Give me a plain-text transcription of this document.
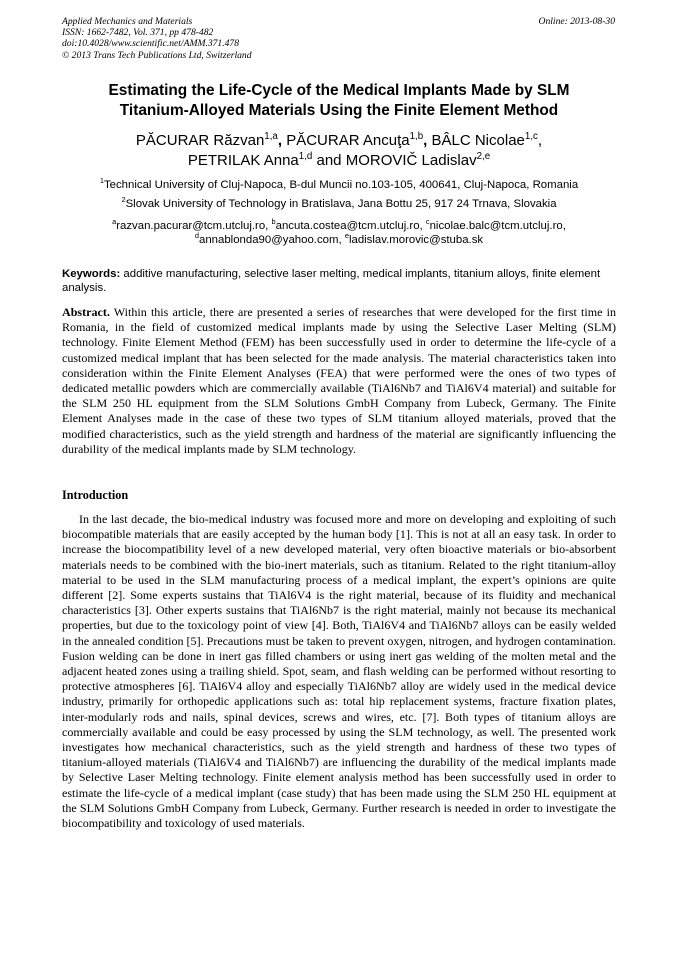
Applied Mechanics and Materials
ISSN: 1662-7482, Vol. 371, pp 478-482
doi:10.4028/www.scientific.net/AMM.371.478
© 2013 Trans Tech Publications Ltd, Switzerland
Online: 2013-08-30
Estimating the Life-Cycle of the Medical Implants Made by SLM
Titanium-Alloyed Materials Using the Finite Element Method
PĂCURAR Răzvan$^{1,a}$, PĂCURAR Ancuţa$^{1,b}$, BÂLC Nicolae$^{1,c}$,
PETRILAK Anna$^{1,d}$ and MOROVIČ Ladislav$^{2,e}$
$^1$Technical University of Cluj-Napoca, B-dul Muncii no.103-105, 400641, Cluj-Napoca, Romania
$^2$Slovak University of Technology in Bratislava, Jana Bottu 25, 917 24 Trnava, Slovakia
$^a$razvan.pacurar@tcm.utcluj.ro, $^b$ancuta.costea@tcm.utcluj.ro, $^c$nicolae.balc@tcm.utcluj.ro,
$^d$annablonda90@yahoo.com, $^e$ladislav.morovic@stuba.sk
Keywords: additive manufacturing, selective laser melting, medical implants, titanium alloys, finite element analysis.
Abstract. Within this article, there are presented a series of researches that were developed for the first time in Romania, in the field of customized medical implants made by using the Selective Laser Melting (SLM) technology. Finite Element Method (FEM) has been successfully used in order to determine the life-cycle of a customized medical implant that has been selected for the made analysis. The material characteristics taken into consideration within the Finite Element Analyses (FEA) that were performed were the ones of two types of dedicated metallic powders which are commercially available (TiAl6Nb7 and TiAl6V4 material) and suitable for the SLM 250 HL equipment from the SLM Solutions GmbH Company from Lubeck, Germany. The Finite Element Analyses made in the case of these two types of SLM titanium alloyed materials, proved that the modified characteristics, such as the yield strength and hardness of the material are significantly influencing the durability of the medical implants made by SLM technology.
Introduction
In the last decade, the bio-medical industry was focused more and more on developing and exploiting of such biocompatible materials that are easily accepted by the human body [1]. This is not at all an easy task. In order to increase the biocompatibility level of a new developed material, very often bioactive materials or bio-absorbent materials needs to be combined with the bio-inert materials, such as titanium. Related to the right titanium-alloy material to be used in the SLM manufacturing process of a medical implant, the expert’s opinions are quite different [2]. Some experts sustains that TiAl6V4 is the right material, because of its fluidity and mechanical characteristics [3]. Other experts sustains that TiAl6Nb7 is the right material, mainly not because its mechanical properties, but due to the toxicology point of view [4]. Both, TiAl6V4 and TiAl6Nb7 alloys can be easily welded in the annealed condition [5]. Precautions must be taken to prevent oxygen, nitrogen, and hydrogen contamination. Fusion welding can be done in inert gas filled chambers or using inert gas welding of the molten metal and the adjacent heated zones using a trailing shield. Spot, seam, and flash welding can be performed without resorting to protective atmospheres [6]. TiAl6V4 alloy and especially TiAl6Nb7 alloy are widely used in the medical device industry, primarily for orthopedic applications such as: total hip replacement systems, fracture fixation plates, inter-modularly rods and nails, spinal devices, screws and wires, etc. [7]. Both types of titanium alloys are commercially available and could be easy processed by using the SLM technology, as well. The presented work investigates how mechanical characteristics, such as the yield strength and hardness of these two types of titanium-alloyed materials (TiAl6V4 and TiAl6Nb7) are influencing the durability of the medical implants made by Selective Laser Melting technology. Finite element analysis method has been successfully used in order to estimate the life-cycle of a medical implant (case study) that has been made using the SLM 250 HL equipment at the SLM Solutions GmbH Company from Lubeck, Germany. Further research is needed in order to investigate the biocompatibility and toxicology of used materials.
